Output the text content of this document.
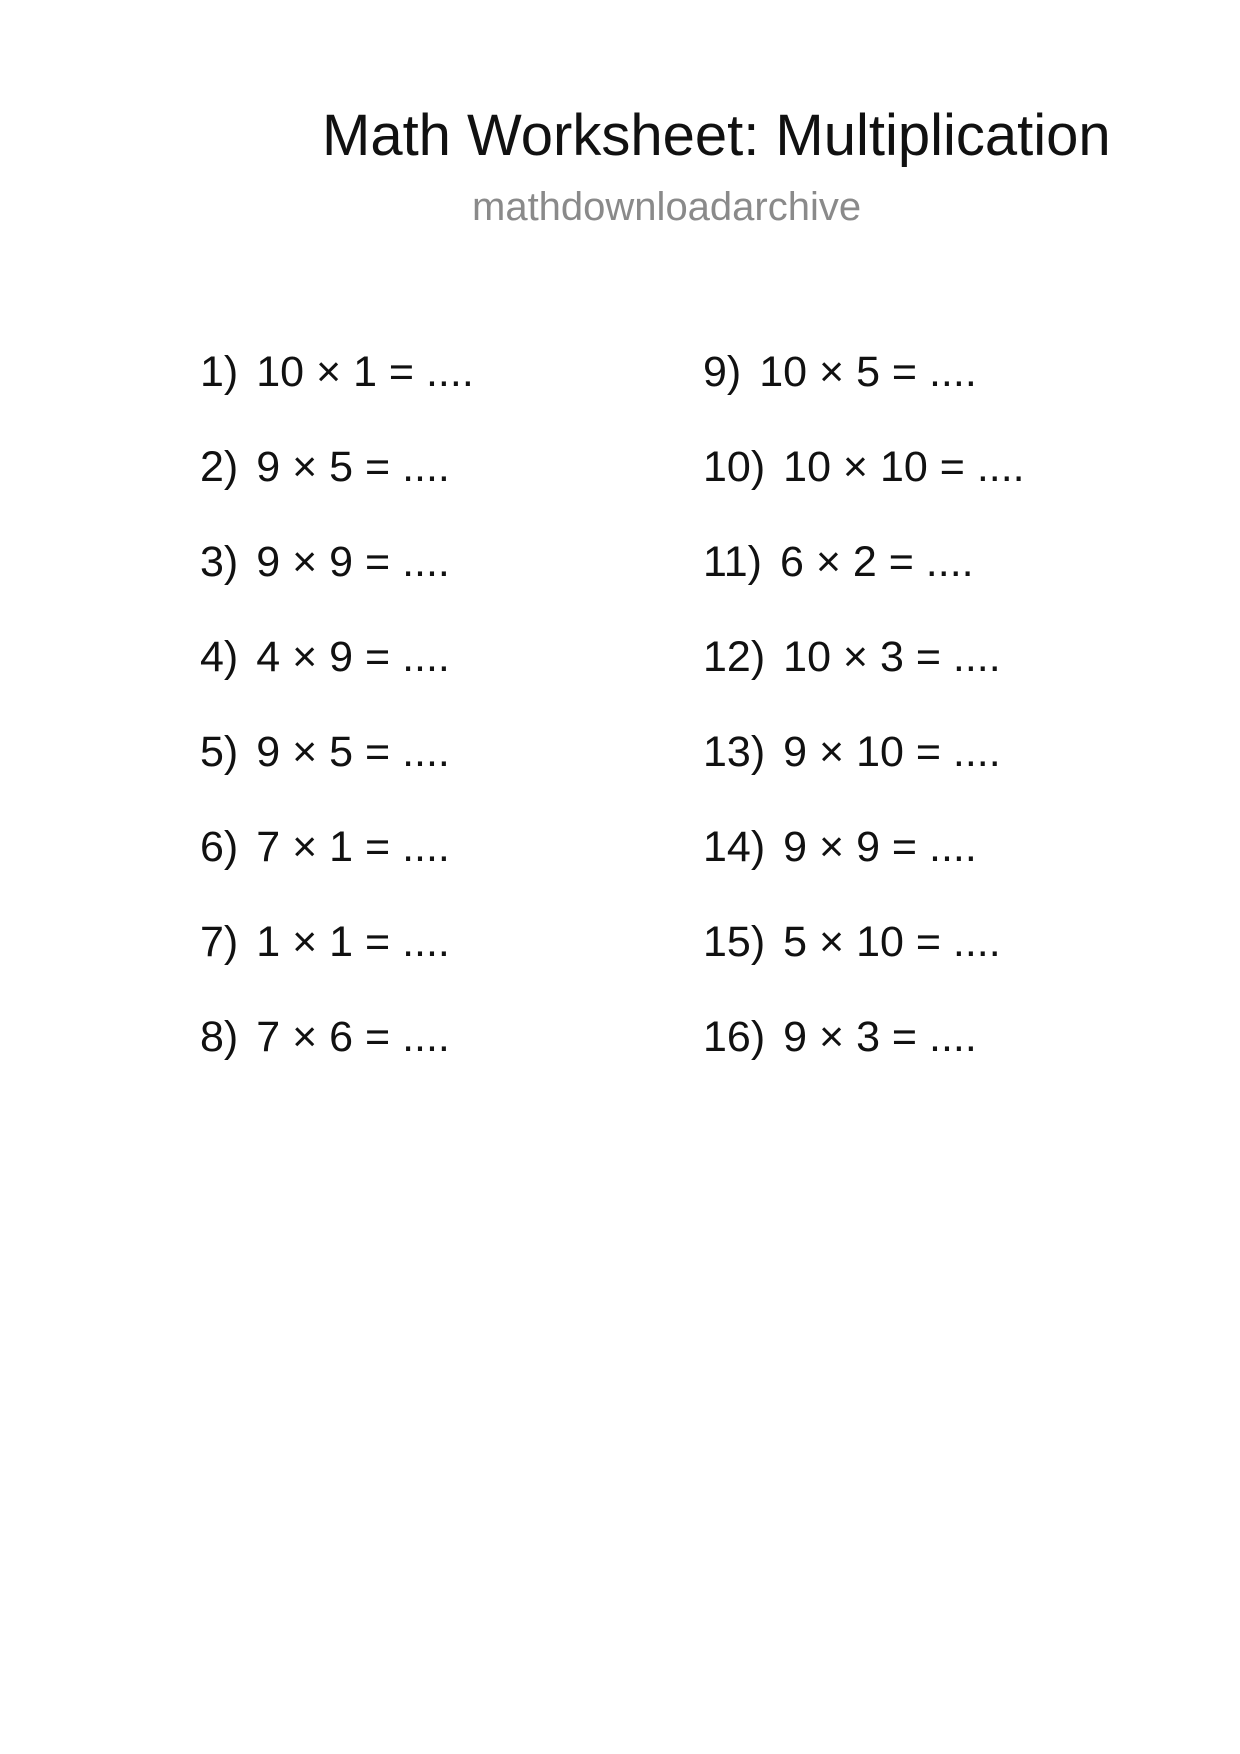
Math Worksheet: Multiplication
mathdownloadarchive
1) 10 × 1 = ....
2) 9 × 5 = ....
3) 9 × 9 = ....
4) 4 × 9 = ....
5) 9 × 5 = ....
6) 7 × 1 = ....
7) 1 × 1 = ....
8) 7 × 6 = ....
9) 10 × 5 = ....
10) 10 × 10 = ....
11) 6 × 2 = ....
12) 10 × 3 = ....
13) 9 × 10 = ....
14) 9 × 9 = ....
15) 5 × 10 = ....
16) 9 × 3 = ....
